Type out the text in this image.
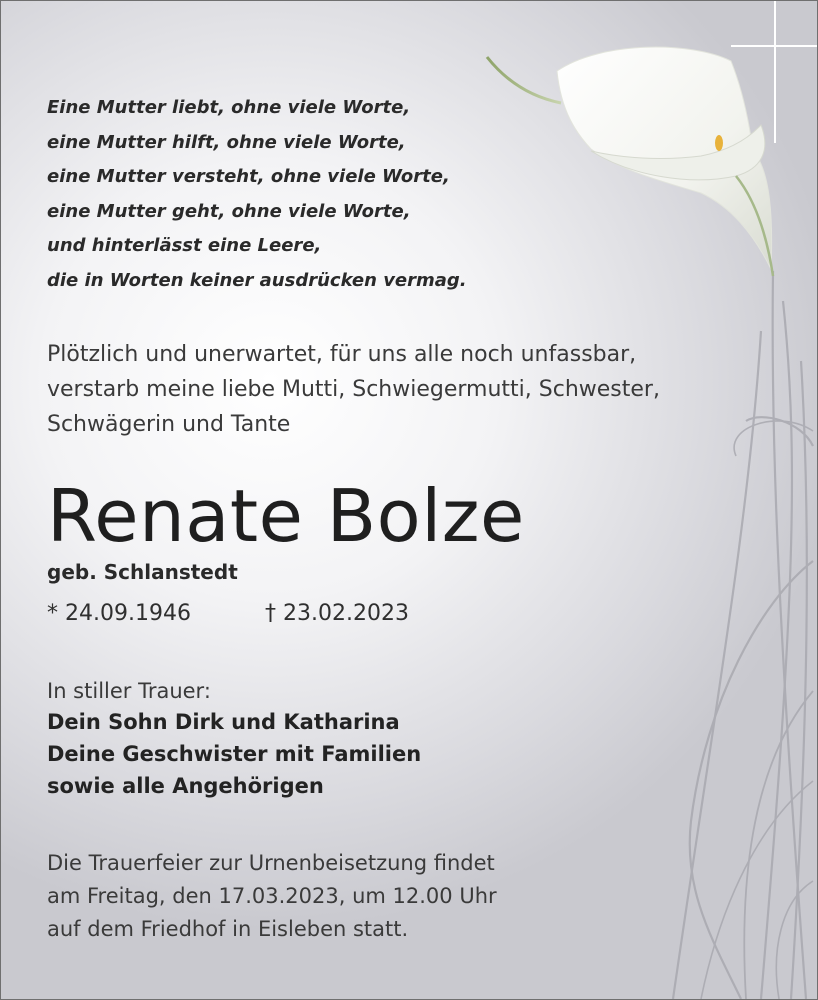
Eine Mutter liebt, ohne viele Worte,
eine Mutter hilft, ohne viele Worte,
eine Mutter versteht, ohne viele Worte,
eine Mutter geht, ohne viele Worte,
und hinterlässt eine Leere,
die in Worten keiner ausdrücken vermag.
Plötzlich und unerwartet, für uns alle noch unfassbar,
verstarb meine liebe Mutti, Schwiegermutti, Schwester,
Schwägerin und Tante
Renate Bolze
geb. Schlanstedt
* 24.09.1946	† 23.02.2023
In stiller Trauer:
Dein Sohn Dirk und Katharina
Deine Geschwister mit Familien
sowie alle Angehörigen
Die Trauerfeier zur Urnenbeisetzung findet
am Freitag, den 17.03.2023, um 12.00 Uhr
auf dem Friedhof in Eisleben statt.
